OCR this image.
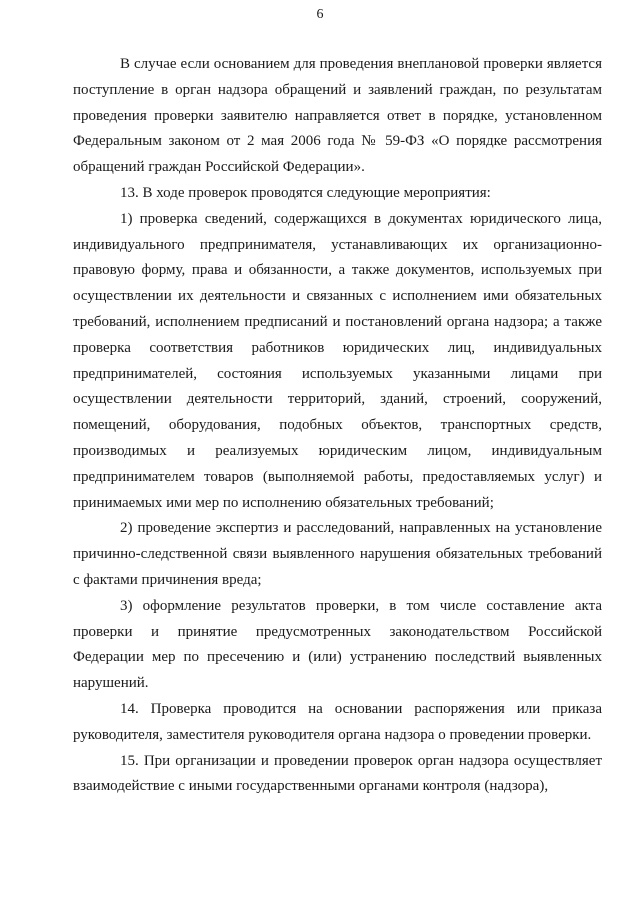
6

В случае если основанием для проведения внеплановой проверки является поступление в орган надзора обращений и заявлений граждан, по результатам проведения проверки заявителю направляется ответ в порядке, установленном Федеральным законом от 2 мая 2006 года № 59-ФЗ «О порядке рассмотрения обращений граждан Российской Федерации».

13. В ходе проверок проводятся следующие мероприятия:

1) проверка сведений, содержащихся в документах юридического лица, индивидуального предпринимателя, устанавливающих их организационно-правовую форму, права и обязанности, а также документов, используемых при осуществлении их деятельности и связанных с исполнением ими обязательных требований, исполнением предписаний и постановлений органа надзора; а также проверка соответствия работников юридических лиц, индивидуальных предпринимателей, состояния используемых указанными лицами при осуществлении деятельности территорий, зданий, строений, сооружений, помещений, оборудования, подобных объектов, транспортных средств, производимых и реализуемых юридическим лицом, индивидуальным предпринимателем товаров (выполняемой работы, предоставляемых услуг) и принимаемых ими мер по исполнению обязательных требований;

2) проведение экспертиз и расследований, направленных на установление причинно-следственной связи выявленного нарушения обязательных требований с фактами причинения вреда;

3) оформление результатов проверки, в том числе составление акта проверки и принятие предусмотренных законодательством Российской Федерации мер по пресечению и (или) устранению последствий выявленных нарушений.

14. Проверка проводится на основании распоряжения или приказа руководителя, заместителя руководителя органа надзора о проведении проверки.

15. При организации и проведении проверок орган надзора осуществляет взаимодействие с иными государственными органами контроля (надзора),
